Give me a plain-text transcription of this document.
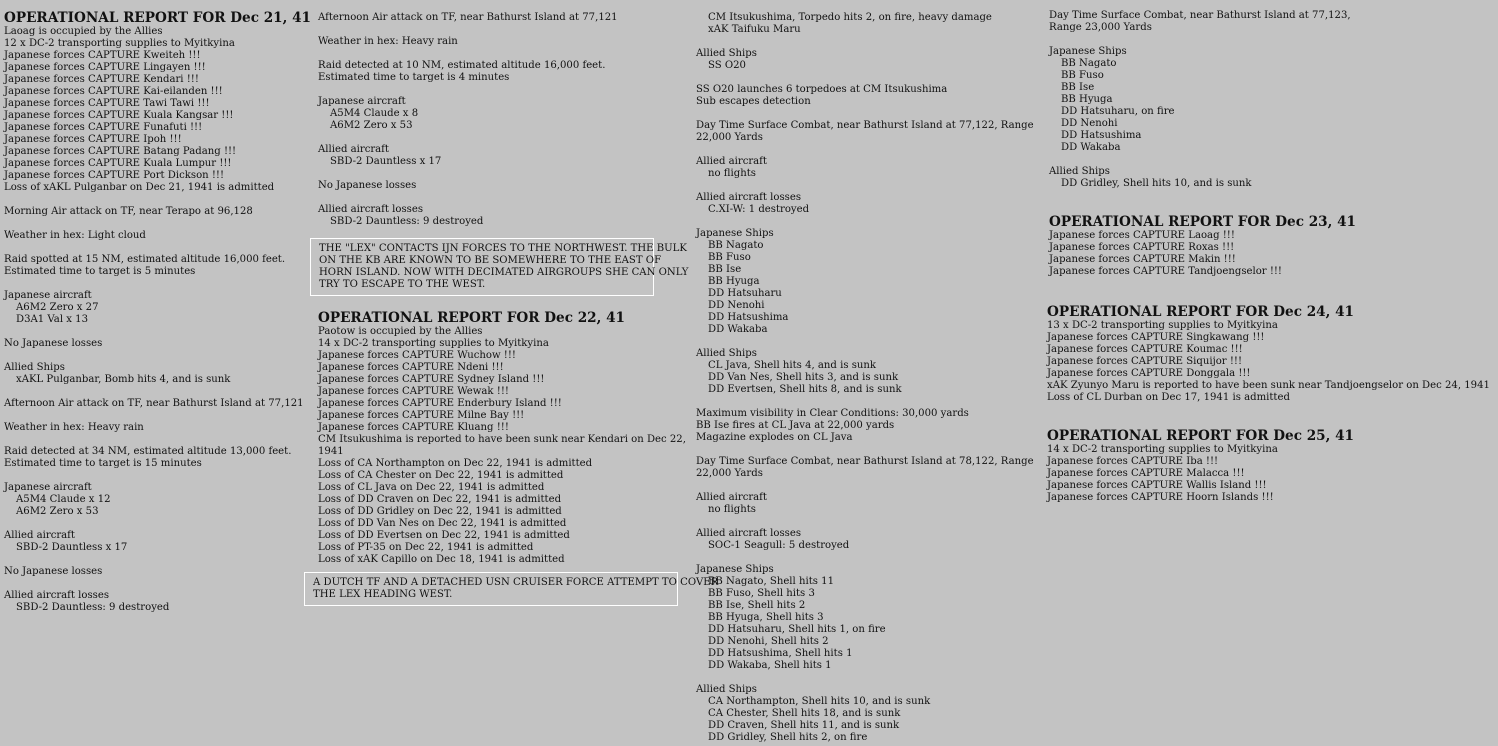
OPERATIONAL REPORT FOR Dec 21, 41
Laoag is occupied by the Allies
12 x DC-2 transporting supplies to Myitkyina
Japanese forces CAPTURE Kweiteh !!!
Japanese forces CAPTURE Lingayen !!!
Japanese forces CAPTURE Kendari !!!
Japanese forces CAPTURE Kai-eilanden !!!
Japanese forces CAPTURE Tawi Tawi !!!
Japanese forces CAPTURE Kuala Kangsar !!!
Japanese forces CAPTURE Funafuti !!!
Japanese forces CAPTURE Ipoh !!!
Japanese forces CAPTURE Batang Padang !!!
Japanese forces CAPTURE Kuala Lumpur !!!
Japanese forces CAPTURE Port Dickson !!!
Loss of xAKL Pulganbar on Dec 21, 1941 is admitted
Morning Air attack on TF, near Terapo at 96,128
Weather in hex: Light cloud
Raid spotted at 15 NM, estimated altitude 16,000 feet.
Estimated time to target is 5 minutes
Japanese aircraft
A6M2 Zero x 27
D3A1 Val x 13
No Japanese losses
Allied Ships
xAKL Pulganbar, Bomb hits 4, and is sunk
Afternoon Air attack on TF, near Bathurst Island at 77,121
Weather in hex: Heavy rain
Raid detected at 34 NM, estimated altitude 13,000 feet.
Estimated time to target is 15 minutes
Japanese aircraft
A5M4 Claude x 12
A6M2 Zero x 53
Allied aircraft
SBD-2 Dauntless x 17
No Japanese losses
Allied aircraft losses
SBD-2 Dauntless: 9 destroyed
Afternoon Air attack on TF, near Bathurst Island at 77,121
Weather in hex: Heavy rain
Raid detected at 10 NM, estimated altitude 16,000 feet.
Estimated time to target is 4 minutes
Japanese aircraft
A5M4 Claude x 8
A6M2 Zero x 53
Allied aircraft
SBD-2 Dauntless x 17
No Japanese losses
Allied aircraft losses
SBD-2 Dauntless: 9 destroyed
THE "LEX" CONTACTS IJN FORCES TO THE NORTHWEST. THE BULK
ON THE KB ARE KNOWN TO BE SOMEWHERE TO THE EAST OF
HORN ISLAND. NOW WITH DECIMATED AIRGROUPS SHE CAN ONLY
TRY TO ESCAPE TO THE WEST.
OPERATIONAL REPORT FOR Dec 22, 41
Paotow is occupied by the Allies
14 x DC-2 transporting supplies to Myitkyina
Japanese forces CAPTURE Wuchow !!!
Japanese forces CAPTURE Ndeni !!!
Japanese forces CAPTURE Sydney Island !!!
Japanese forces CAPTURE Wewak !!!
Japanese forces CAPTURE Enderbury Island !!!
Japanese forces CAPTURE Milne Bay !!!
Japanese forces CAPTURE Kluang !!!
CM Itsukushima is reported to have been sunk near Kendari on Dec 22,
1941
Loss of CA Northampton on Dec 22, 1941 is admitted
Loss of CA Chester on Dec 22, 1941 is admitted
Loss of CL Java on Dec 22, 1941 is admitted
Loss of DD Craven on Dec 22, 1941 is admitted
Loss of DD Gridley on Dec 22, 1941 is admitted
Loss of DD Van Nes on Dec 22, 1941 is admitted
Loss of DD Evertsen on Dec 22, 1941 is admitted
Loss of PT-35 on Dec 22, 1941 is admitted
Loss of xAK Capillo on Dec 18, 1941 is admitted
A DUTCH TF AND A DETACHED USN CRUISER FORCE ATTEMPT TO COVER
THE LEX HEADING WEST.
CM Itsukushima, Torpedo hits 2, on fire, heavy damage
xAK Taifuku Maru
Allied Ships
SS O20
SS O20 launches 6 torpedoes at CM Itsukushima
Sub escapes detection
Day Time Surface Combat, near Bathurst Island at 77,122, Range
22,000 Yards
Allied aircraft
no flights
Allied aircraft losses
C.XI-W: 1 destroyed
Japanese Ships
BB Nagato
BB Fuso
BB Ise
BB Hyuga
DD Hatsuharu
DD Nenohi
DD Hatsushima
DD Wakaba
Allied Ships
CL Java, Shell hits 4, and is sunk
DD Van Nes, Shell hits 3, and is sunk
DD Evertsen, Shell hits 8, and is sunk
Maximum visibility in Clear Conditions: 30,000 yards
BB Ise fires at CL Java at 22,000 yards
Magazine explodes on CL Java
Day Time Surface Combat, near Bathurst Island at 78,122, Range
22,000 Yards
Allied aircraft
no flights
Allied aircraft losses
SOC-1 Seagull: 5 destroyed
Japanese Ships
BB Nagato, Shell hits 11
BB Fuso, Shell hits 3
BB Ise, Shell hits 2
BB Hyuga, Shell hits 3
DD Hatsuharu, Shell hits 1, on fire
DD Nenohi, Shell hits 2
DD Hatsushima, Shell hits 1
DD Wakaba, Shell hits 1
Allied Ships
CA Northampton, Shell hits 10, and is sunk
CA Chester, Shell hits 18, and is sunk
DD Craven, Shell hits 11, and is sunk
DD Gridley, Shell hits 2, on fire
Day Time Surface Combat, near Bathurst Island at 77,123,
Range 23,000 Yards
Japanese Ships
BB Nagato
BB Fuso
BB Ise
BB Hyuga
DD Hatsuharu, on fire
DD Nenohi
DD Hatsushima
DD Wakaba
Allied Ships
DD Gridley, Shell hits 10, and is sunk
OPERATIONAL REPORT FOR Dec 23, 41
Japanese forces CAPTURE Laoag !!!
Japanese forces CAPTURE Roxas !!!
Japanese forces CAPTURE Makin !!!
Japanese forces CAPTURE Tandjoengselor !!!
OPERATIONAL REPORT FOR Dec 24, 41
13 x DC-2 transporting supplies to Myitkyina
Japanese forces CAPTURE Singkawang !!!
Japanese forces CAPTURE Koumac !!!
Japanese forces CAPTURE Siquijor !!!
Japanese forces CAPTURE Donggala !!!
xAK Zyunyo Maru is reported to have been sunk near Tandjoengselor on Dec 24, 1941
Loss of CL Durban on Dec 17, 1941 is admitted
OPERATIONAL REPORT FOR Dec 25, 41
14 x DC-2 transporting supplies to Myitkyina
Japanese forces CAPTURE Iba !!!
Japanese forces CAPTURE Malacca !!!
Japanese forces CAPTURE Wallis Island !!!
Japanese forces CAPTURE Hoorn Islands !!!
